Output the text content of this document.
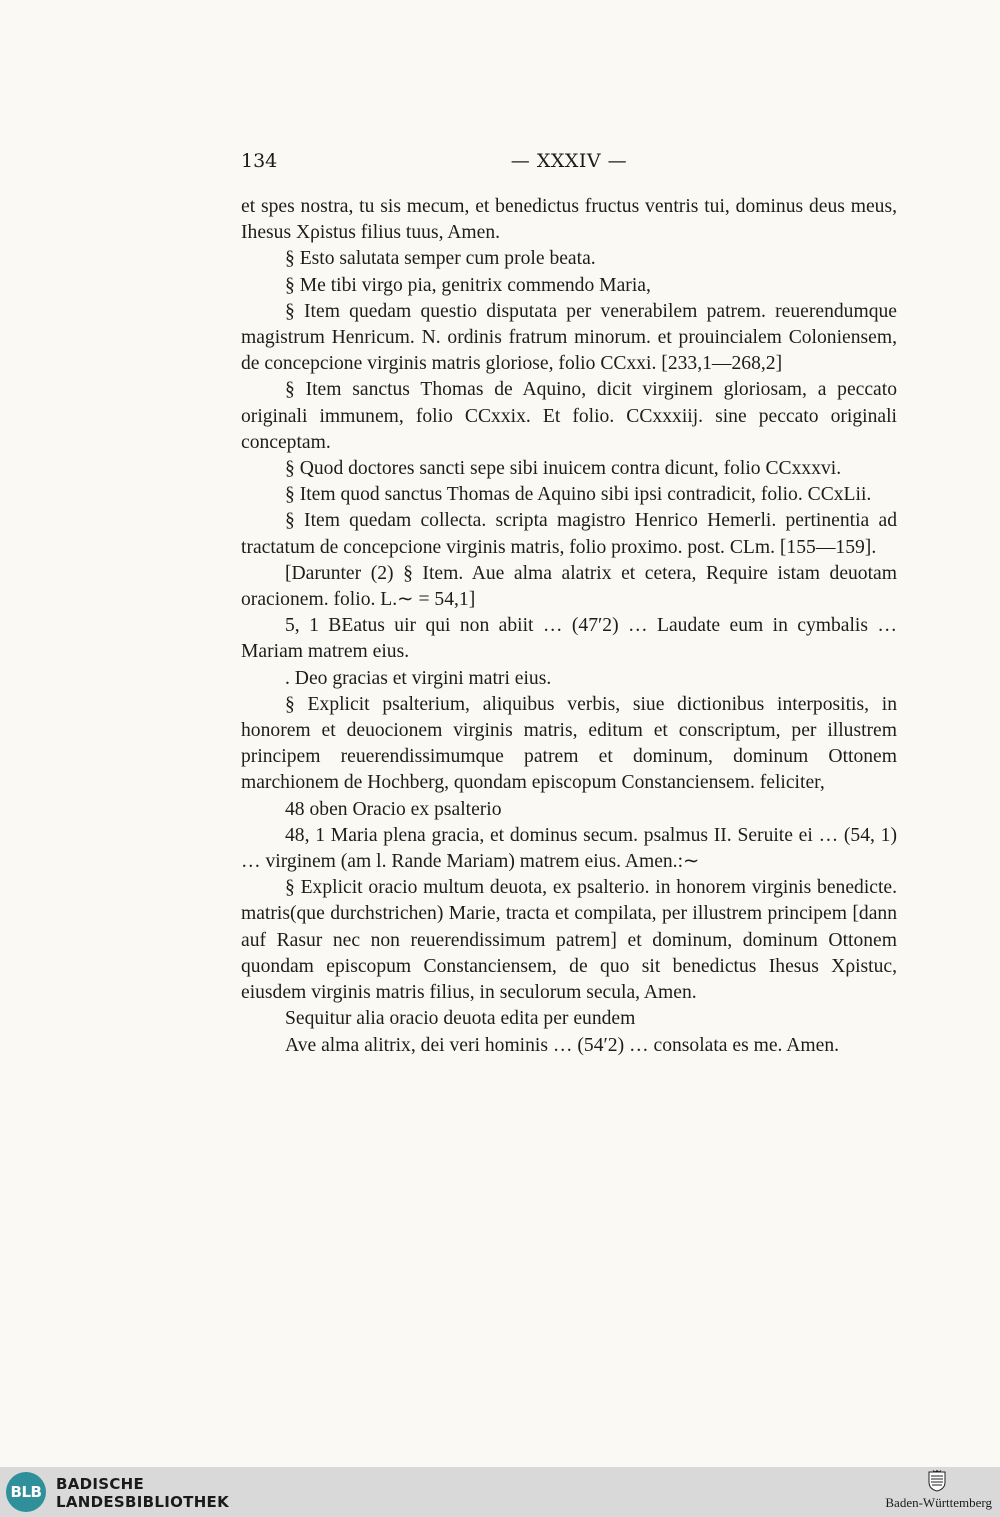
134	— XXXIV —

et spes nostra, tu sis mecum, et benedictus fructus ventris tui, dominus deus meus, Ihesus Xρistus filius tuus, Amen.

§ Esto salutata semper cum prole beata.

§ Me tibi virgo pia, genitrix commendo Maria,

§ Item quedam questio disputata per venerabilem patrem. reuerendumque magistrum Henricum. N. ordinis fratrum minorum. et prouincialem Coloniensem, de concepcione virginis matris gloriose, folio CCxxi. [233,1—268,2]

§ Item sanctus Thomas de Aquino, dicit virginem gloriosam, a peccato originali immunem, folio CCxxix. Et folio. CCxxxiij. sine peccato originali conceptam.

§ Quod doctores sancti sepe sibi inuicem contra dicunt, folio CCxxxvi.

§ Item quod sanctus Thomas de Aquino sibi ipsi contradicit, folio. CCxLii.

§ Item quedam collecta. scripta magistro Henrico Hemerli. pertinentia ad tractatum de concepcione virginis matris, folio proximo. post. CLm. [155—159].

[Darunter (2) § Item. Aue alma alatrix et cetera, Require istam deuotam oracionem. folio. L.∼ = 54,1]

5, 1 BEatus uir qui non abiit … (47′2) … Laudate eum in cymbalis … Mariam matrem eius.

. Deo gracias et virgini matri eius.

§ Explicit psalterium, aliquibus verbis, siue dictionibus interpositis, in honorem et deuocionem virginis matris, editum et conscriptum, per illustrem principem reuerendissimumque patrem et dominum, dominum Ottonem marchionem de Hochberg, quondam episcopum Constanciensem. feliciter,

48 oben Oracio ex psalterio

48, 1 Maria plena gracia, et dominus secum. psalmus II. Seruite ei … (54, 1) … virginem (am l. Rande Mariam) matrem eius. Amen.:∼

§ Explicit oracio multum deuota, ex psalterio. in honorem virginis benedicte. matris(que durchstrichen) Marie, tracta et compilata, per illustrem principem [dann auf Rasur nec non reuerendissimum patrem] et dominum, dominum Ottonem quondam episcopum Constanciensem, de quo sit benedictus Ihesus Xρistuc, eiusdem virginis matris filius, in seculorum secula, Amen.

Sequitur alia oracio deuota edita per eundem

Ave alma alitrix, dei veri hominis … (54′2) … consolata es me. Amen.

BLB BADISCHE
LANDESBIBLIOTHEK	Baden-Württemberg
